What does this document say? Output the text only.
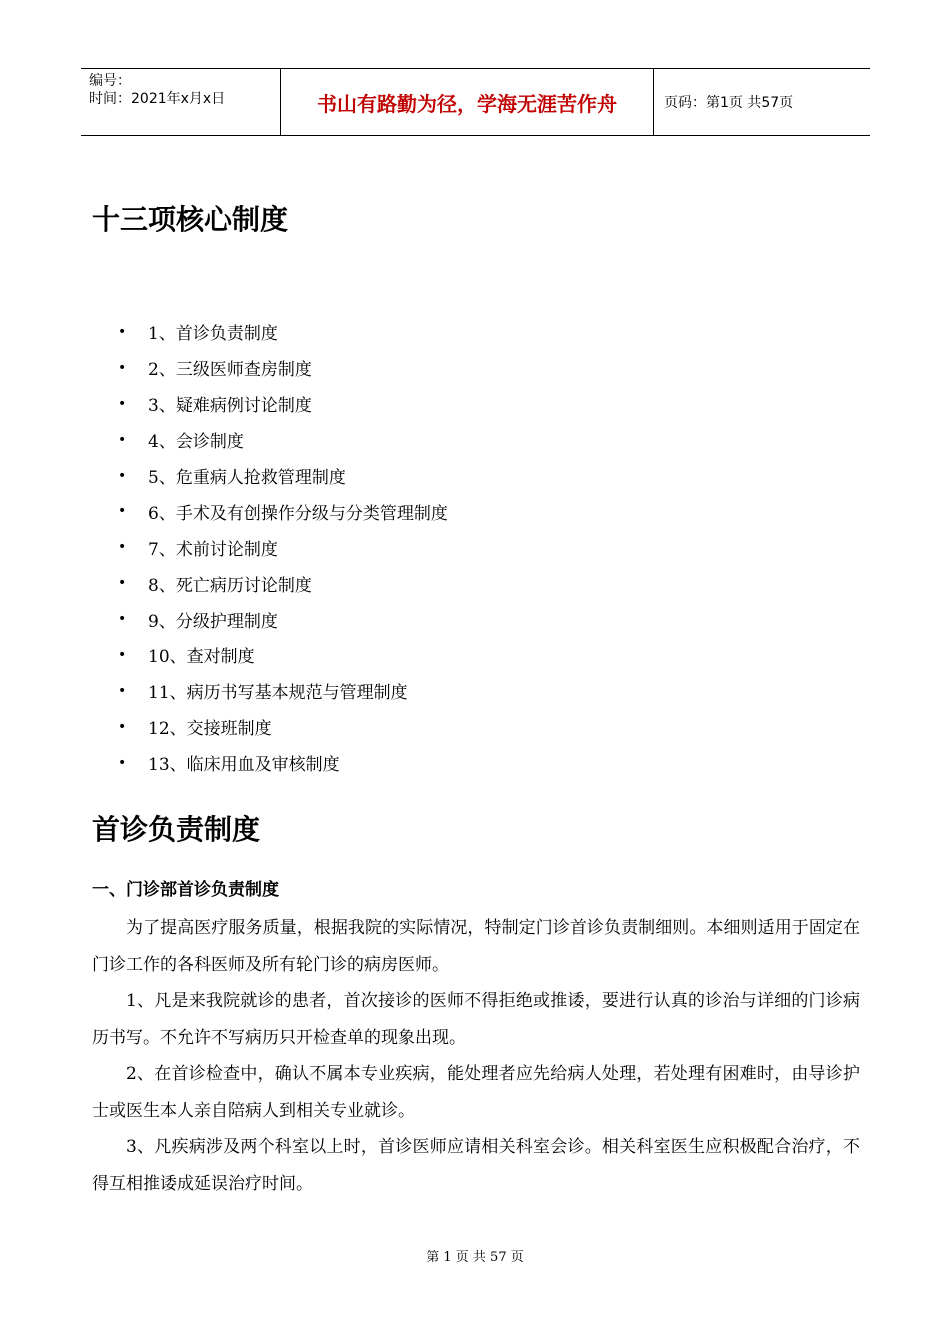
编号：
时间：2021年x月x日	书山有路勤为径，学海无涯苦作舟	页码：第1页 共57页
十三项核心制度
•	1、首诊负责制度
•	2、三级医师查房制度
•	3、疑难病例讨论制度
•	4、会诊制度
•	5、危重病人抢救管理制度
•	6、手术及有创操作分级与分类管理制度
•	7、术前讨论制度
•	8、死亡病历讨论制度
•	9、分级护理制度
•	10、查对制度
•	11、病历书写基本规范与管理制度
•	12、交接班制度
•	13、临床用血及审核制度
首诊负责制度
一、门诊部首诊负责制度

为了提高医疗服务质量，根据我院的实际情况，特制定门诊首诊负责制细则。本细则适用于固定在门诊工作的各科医师及所有轮门诊的病房医师。

1、凡是来我院就诊的患者，首次接诊的医师不得拒绝或推诿，要进行认真的诊治与详细的门诊病历书写。不允许不写病历只开检查单的现象出现。

2、在首诊检查中，确认不属本专业疾病，能处理者应先给病人处理，若处理有困难时，由导诊护士或医生本人亲自陪病人到相关专业就诊。

3、凡疾病涉及两个科室以上时，首诊医师应请相关科室会诊。相关科室医生应积极配合治疗，不得互相推诿成延误治疗时间。

第 1 页 共 57 页
